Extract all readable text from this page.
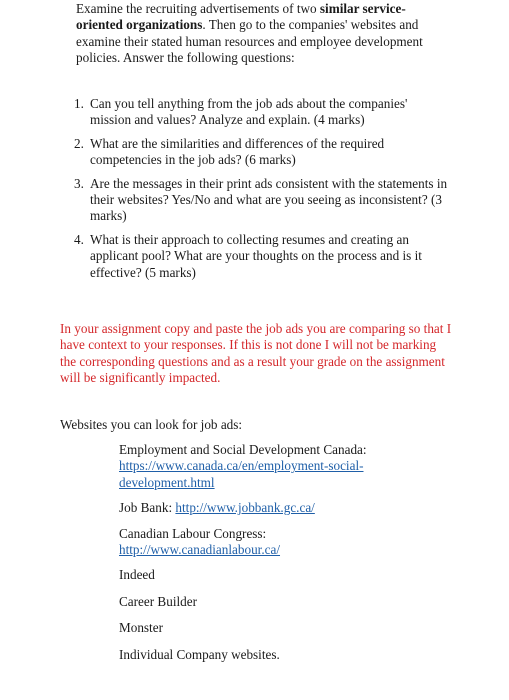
Examine the recruiting advertisements of two similar service-oriented organizations. Then go to the companies' websites and examine their stated human resources and employee development policies. Answer the following questions:
1. Can you tell anything from the job ads about the companies' mission and values? Analyze and explain. (4 marks)
2. What are the similarities and differences of the required competencies in the job ads? (6 marks)
3. Are the messages in their print ads consistent with the statements in their websites? Yes/No and what are you seeing as inconsistent? (3 marks)
4. What is their approach to collecting resumes and creating an applicant pool? What are your thoughts on the process and is it effective? (5 marks)
In your assignment copy and paste the job ads you are comparing so that I have context to your responses. If this is not done I will not be marking the corresponding questions and as a result your grade on the assignment will be significantly impacted.
Websites you can look for job ads:
Employment and Social Development Canada:
https://www.canada.ca/en/employment-social-development.html
Job Bank: http://www.jobbank.gc.ca/
Canadian Labour Congress:
http://www.canadianlabour.ca/
Indeed
Career Builder
Monster
Individual Company websites.
